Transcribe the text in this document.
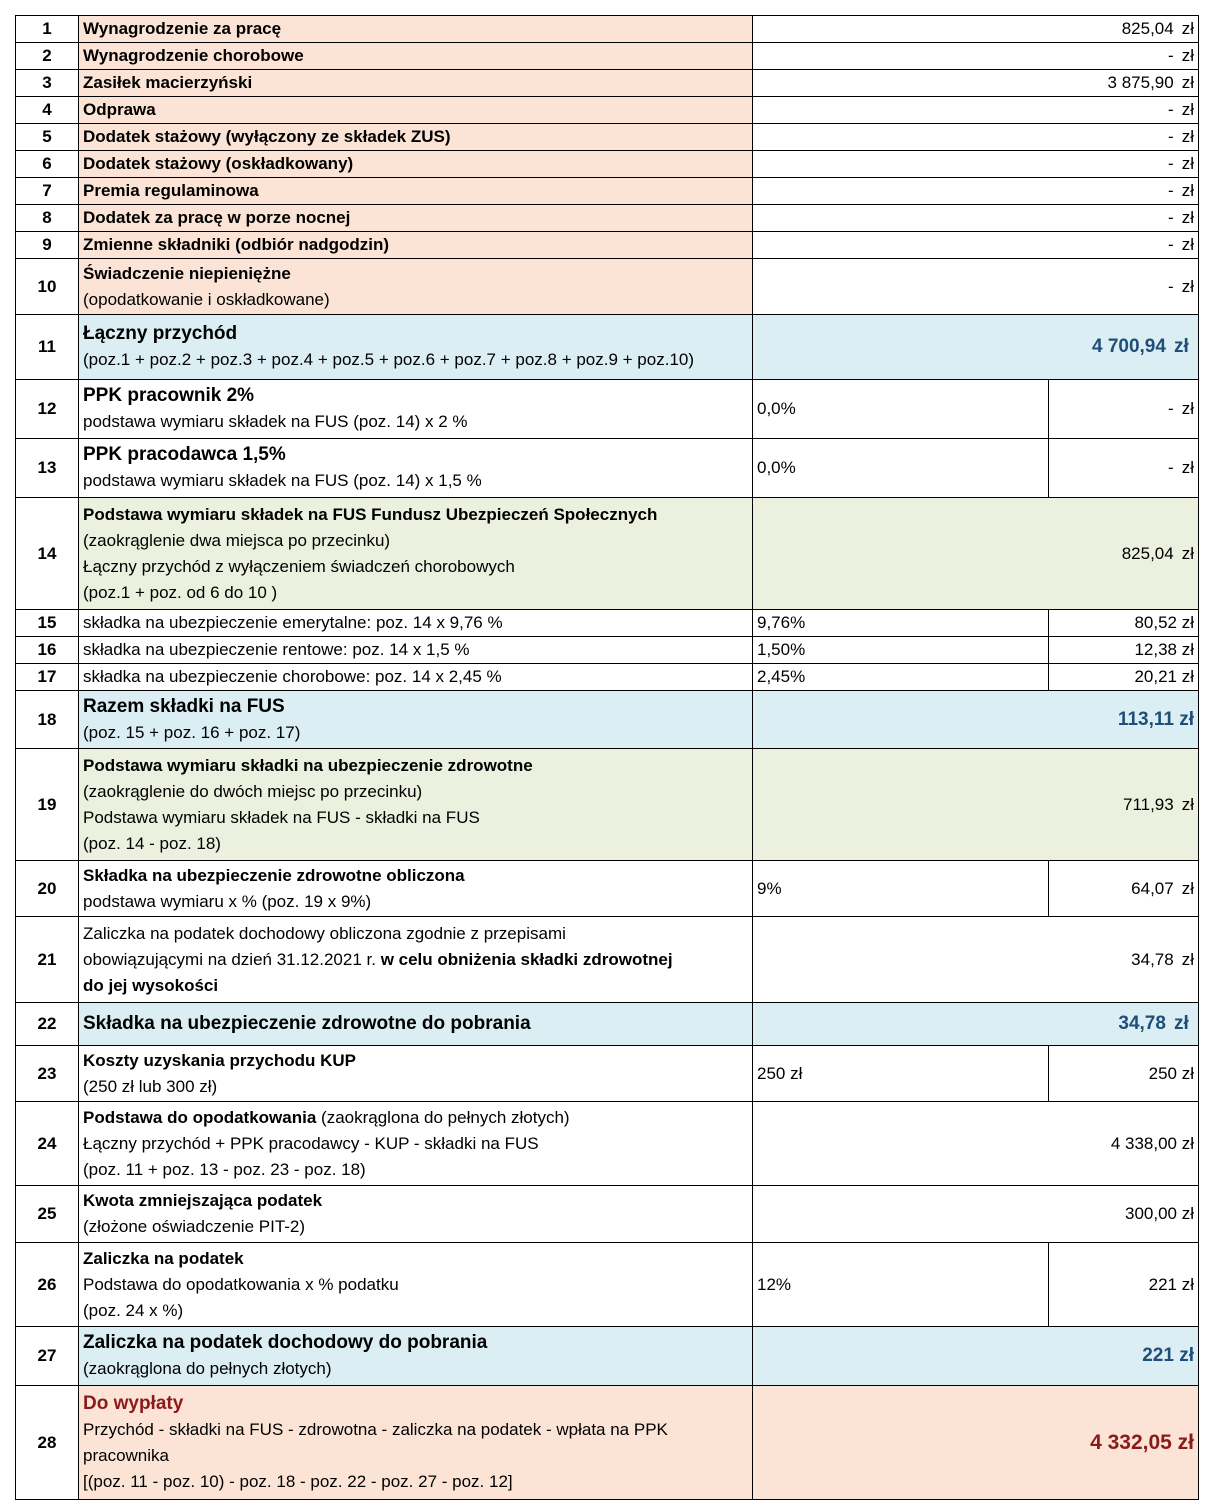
1	Wynagrodzenie za pracę	825,04 zł	
2	Wynagrodzenie chorobowe	- zł	
3	Zasiłek macierzyński	3 875,90 zł	
4	Odprawa	- zł	
5	Dodatek stażowy (wyłączony ze składek ZUS)	- zł	
6	Dodatek stażowy (oskładkowany)	- zł	
7	Premia regulaminowa	- zł	
8	Dodatek za pracę w porze nocnej	- zł	
9	Zmienne składniki (odbiór nadgodzin)	- zł	
10	Świadczenie niepieniężne
(opodatkowanie i oskładkowane)	- zł	
11	Łączny przychód
(poz.1 + poz.2 + poz.3 + poz.4 + poz.5 + poz.6 + poz.7 + poz.8 + poz.9 + poz.10)	4 700,94 zł	
12	PPK pracownik 2%
podstawa wymiaru składek na FUS (poz. 14) x 2 %	0,0%	- zł
13	PPK pracodawca 1,5%
podstawa wymiaru składek na FUS (poz. 14) x 1,5 %	0,0%	- zł
14	Podstawa wymiaru składek na FUS Fundusz Ubezpieczeń Społecznych
(zaokrąglenie dwa miejsca po przecinku)
Łączny przychód z wyłączeniem świadczeń chorobowych
(poz.1 + poz. od 6 do 10 )	825,04 zł	
15	składka na ubezpieczenie emerytalne: poz. 14 x 9,76 %	9,76%	80,52 zł
16	składka na ubezpieczenie rentowe: poz. 14 x 1,5 %	1,50%	12,38 zł
17	składka na ubezpieczenie chorobowe: poz. 14 x 2,45 %	2,45%	20,21 zł
18	Razem składki na FUS
(poz. 15 + poz. 16 + poz. 17)	113,11 zł	
19	Podstawa wymiaru składki na ubezpieczenie zdrowotne
(zaokrąglenie do dwóch miejsc po przecinku)
Podstawa wymiaru składek na FUS - składki na FUS
(poz. 14 - poz. 18)	711,93 zł	
20	Składka na ubezpieczenie zdrowotne obliczona
podstawa wymiaru x % (poz. 19 x 9%)	9%	64,07 zł
21	Zaliczka na podatek dochodowy obliczona zgodnie z przepisami
obowiązującymi na dzień 31.12.2021 r. w celu obniżenia składki zdrowotnej
do jej wysokości	34,78 zł	
22	Składka na ubezpieczenie zdrowotne do pobrania	34,78 zł	
23	Koszty uzyskania przychodu KUP
(250 zł lub 300 zł)	250 zł	250 zł
24	Podstawa do opodatkowania (zaokrąglona do pełnych złotych)
Łączny przychód + PPK pracodawcy - KUP - składki na FUS
(poz. 11 + poz. 13 - poz. 23 - poz. 18)	4 338,00 zł	
25	Kwota zmniejszająca podatek
(złożone oświadczenie PIT-2)	300,00 zł	
26	Zaliczka na podatek
Podstawa do opodatkowania x % podatku
(poz. 24 x %)	12%	221 zł
27	Zaliczka na podatek dochodowy do pobrania
(zaokrąglona do pełnych złotych)	221 zł	
28	Do wypłaty
Przychód - składki na FUS - zdrowotna - zaliczka na podatek - wpłata na PPK
pracownika
[(poz. 11 - poz. 10) - poz. 18 - poz. 22 - poz. 27 - poz. 12]	4 332,05 zł	
